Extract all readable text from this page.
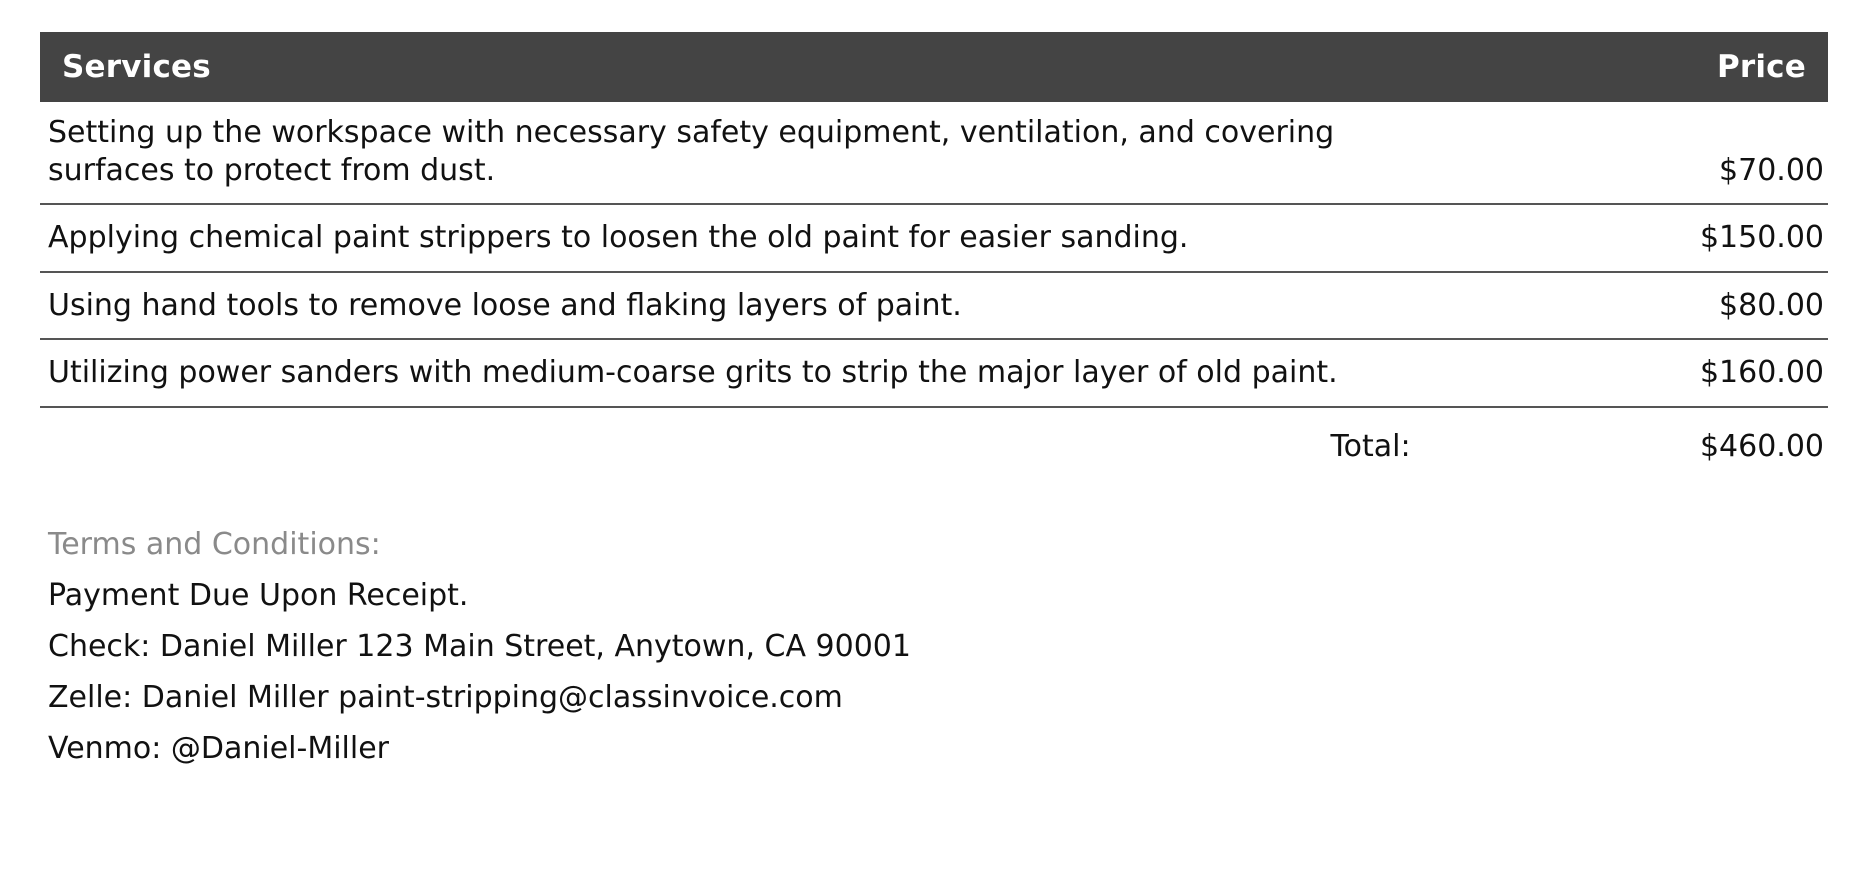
Services	Price
Setting up the workspace with necessary safety equipment, ventilation, and covering surfaces to protect from dust.	$70.00
Applying chemical paint strippers to loosen the old paint for easier sanding.	$150.00
Using hand tools to remove loose and flaking layers of paint.	$80.00
Utilizing power sanders with medium-coarse grits to strip the major layer of old paint.	$160.00
Total:	$460.00
Terms and Conditions:
Payment Due Upon Receipt.
Check: Daniel Miller 123 Main Street, Anytown, CA 90001
Zelle: Daniel Miller paint-stripping@classinvoice.com
Venmo: @Daniel-Miller
